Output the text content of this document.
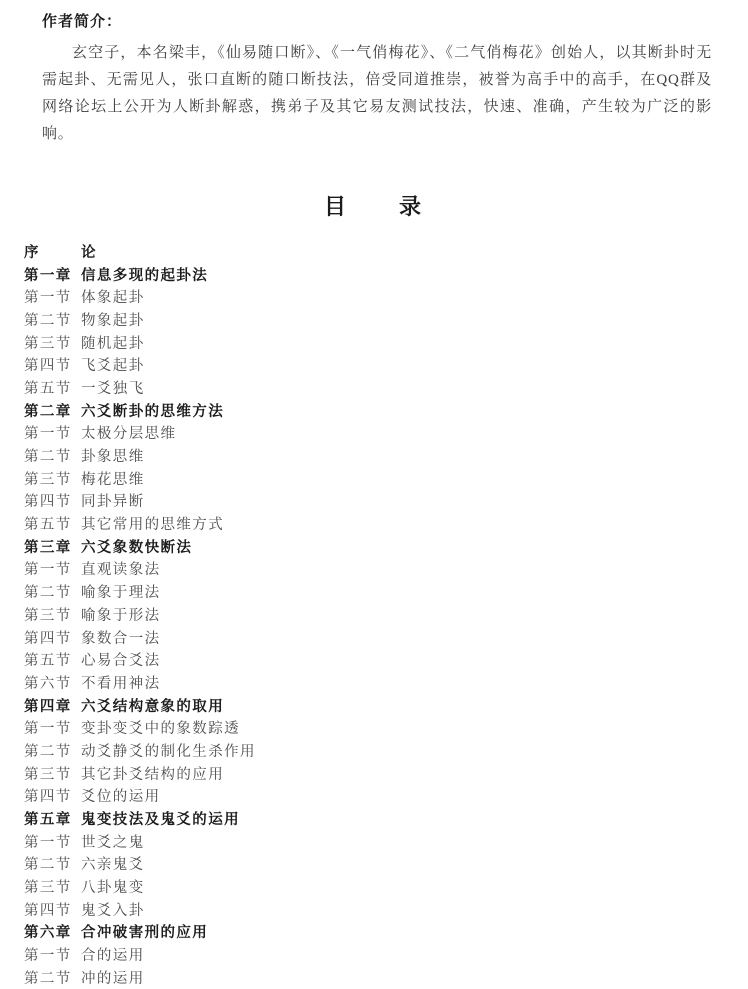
作者简介：
玄空子，本名梁丰，《仙易随口断》、《一气俏梅花》、《二气俏梅花》创始人，以其断卦时无需起卦、无需见人，张口直断的随口断技法，倍受同道推崇，被誉为高手中的高手，在QQ群及网络论坛上公开为人断卦解惑，携弟子及其它易友测试技法，快速、准确，产生较为广泛的影响。
目　　录
序	论
第一章 信息多现的起卦法
第一节 体象起卦
第二节 物象起卦
第三节 随机起卦
第四节 飞爻起卦
第五节 一爻独飞
第二章 六爻断卦的思维方法
第一节 太极分层思维
第二节 卦象思维
第三节 梅花思维
第四节 同卦异断
第五节 其它常用的思维方式
第三章 六爻象数快断法
第一节 直观读象法
第二节 喻象于理法
第三节 喻象于形法
第四节 象数合一法
第五节 心易合爻法
第六节 不看用神法
第四章 六爻结构意象的取用
第一节 变卦变爻中的象数踪透
第二节 动爻静爻的制化生杀作用
第三节 其它卦爻结构的应用
第四节 爻位的运用
第五章 鬼变技法及鬼爻的运用
第一节 世爻之鬼
第二节 六亲鬼爻
第三节 八卦鬼变
第四节 鬼爻入卦
第六章 合冲破害刑的应用
第一节 合的运用
第二节 冲的运用
